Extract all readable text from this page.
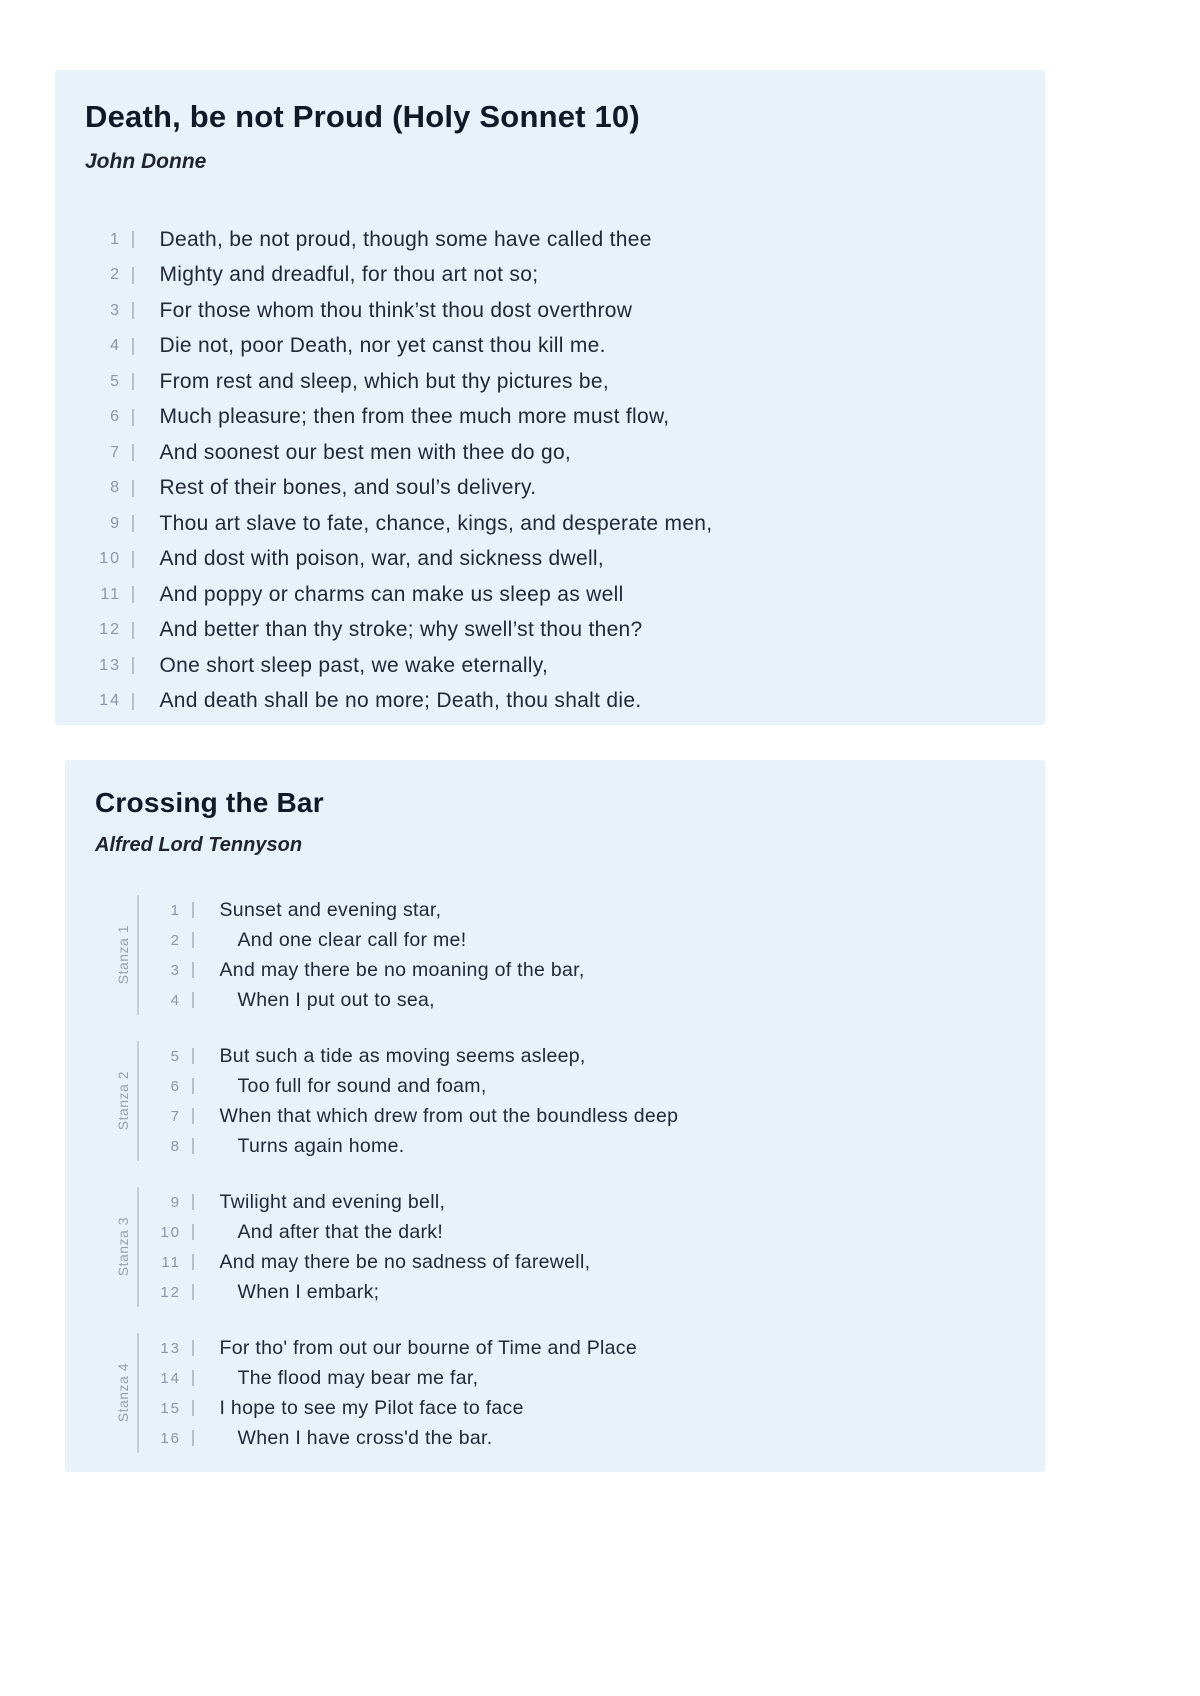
Death, be not Proud (Holy Sonnet 10)
John Donne
1 Death, be not proud, though some have called thee
2 Mighty and dreadful, for thou art not so;
3 For those whom thou think’st thou dost overthrow
4 Die not, poor Death, nor yet canst thou kill me.
5 From rest and sleep, which but thy pictures be,
6 Much pleasure; then from thee much more must flow,
7 And soonest our best men with thee do go,
8 Rest of their bones, and soul’s delivery.
9 Thou art slave to fate, chance, kings, and desperate men,
10 And dost with poison, war, and sickness dwell,
11 And poppy or charms can make us sleep as well
12 And better than thy stroke; why swell’st thou then?
13 One short sleep past, we wake eternally,
14 And death shall be no more; Death, thou shalt die.
Crossing the Bar
Alfred Lord Tennyson
Stanza 1
1 Sunset and evening star,
2	And one clear call for me!
3 And may there be no moaning of the bar,
4	When I put out to sea,
Stanza 2
5 But such a tide as moving seems asleep,
6	Too full for sound and foam,
7 When that which drew from out the boundless deep
8	Turns again home.
Stanza 3
9 Twilight and evening bell,
10	And after that the dark!
11 And may there be no sadness of farewell,
12	When I embark;
Stanza 4
13 For tho' from out our bourne of Time and Place
14	The flood may bear me far,
15 I hope to see my Pilot face to face
16	When I have cross'd the bar.
